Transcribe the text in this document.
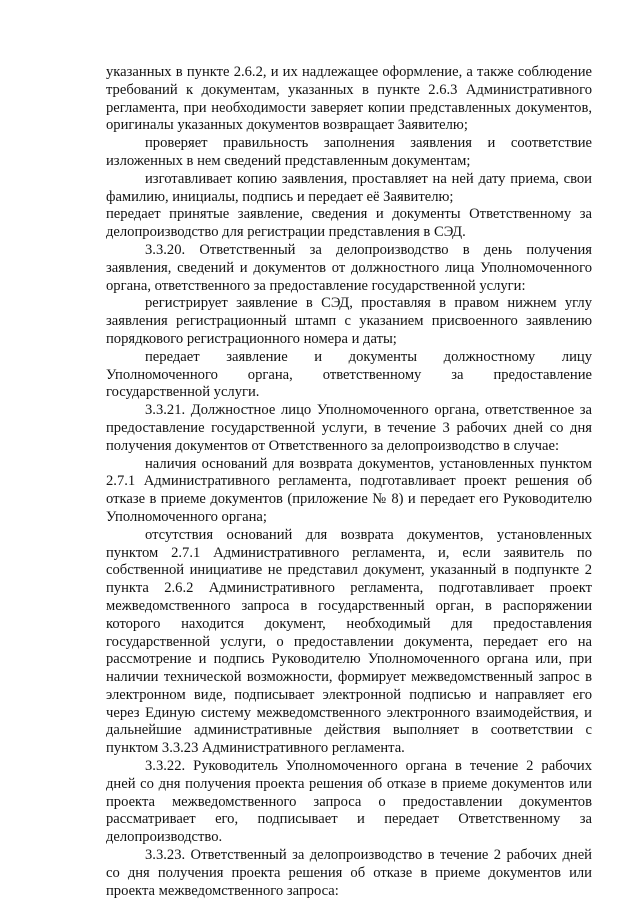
указанных в пункте 2.6.2, и их надлежащее оформление, а также соблюдение требований к документам, указанных в пункте 2.6.3 Административного регламента, при необходимости заверяет копии представленных документов, оригиналы указанных документов возвращает Заявителю;

проверяет правильность заполнения заявления и соответствие изложенных в нем сведений представленным документам;

изготавливает копию заявления, проставляет на ней дату приема, свои фамилию, инициалы, подпись и передает её Заявителю;

передает принятые заявление, сведения и документы Ответственному за делопроизводство для регистрации представления в СЭД.

3.3.20. Ответственный за делопроизводство в день получения заявления, сведений и документов от должностного лица Уполномоченного органа, ответственного за предоставление государственной услуги:

регистрирует заявление в СЭД, проставляя в правом нижнем углу заявления регистрационный штамп с указанием присвоенного заявлению порядкового регистрационного номера и даты;

передает заявление и документы должностному лицу Уполномоченного органа, ответственному за предоставление государственной услуги.

3.3.21. Должностное лицо Уполномоченного органа, ответственное за предоставление государственной услуги, в течение 3 рабочих дней со дня получения документов от Ответственного за делопроизводство в случае:

наличия оснований для возврата документов, установленных пунктом 2.7.1 Административного регламента, подготавливает проект решения об отказе в приеме документов (приложение № 8) и передает его Руководителю Уполномоченного органа;

отсутствия оснований для возврата документов, установленных пунктом 2.7.1 Административного регламента, и, если заявитель по собственной инициативе не представил документ, указанный в подпункте 2 пункта 2.6.2 Административного регламента, подготавливает проект межведомственного запроса в государственный орган, в распоряжении которого находится документ, необходимый для предоставления государственной услуги, о предоставлении документа, передает его на рассмотрение и подпись Руководителю Уполномоченного органа или, при наличии технической возможности, формирует межведомственный запрос в электронном виде, подписывает электронной подписью и направляет его через Единую систему межведомственного электронного взаимодействия, и дальнейшие административные действия выполняет в соответствии с пунктом 3.3.23 Административного регламента.

3.3.22. Руководитель Уполномоченного органа в течение 2 рабочих дней со дня получения проекта решения об отказе в приеме документов или проекта межведомственного запроса о предоставлении документов рассматривает его, подписывает и передает Ответственному за делопроизводство.

3.3.23. Ответственный за делопроизводство в течение 2 рабочих дней со дня получения проекта решения об отказе в приеме документов или проекта межведомственного запроса:
